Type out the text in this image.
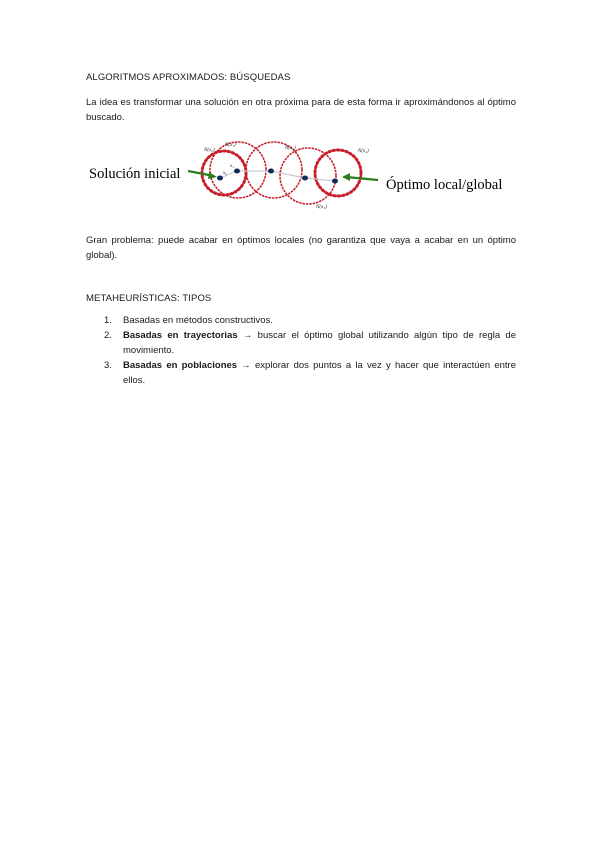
ALGORITMOS APROXIMADOS: BÚSQUEDAS
La idea es transformar una solución en otra próxima para de esta forma ir aproximándonos al óptimo buscado.
N(x₀)
N(x₁)
N(x₂)
N(x₃)
N(x₄)
x₀
x₁
Solución inicial
Óptimo local/global
Gran problema: puede acabar en óptimos locales (no garantiza que vaya a acabar en un óptimo global).
METAHEURÍSTICAS: TIPOS
1. Basadas en métodos constructivos.
2. Basadas en trayectorias → buscar el óptimo global utilizando algún tipo de regla de movimiento.
3. Basadas en poblaciones → explorar dos puntos a la vez y hacer que interactúen entre ellos.
